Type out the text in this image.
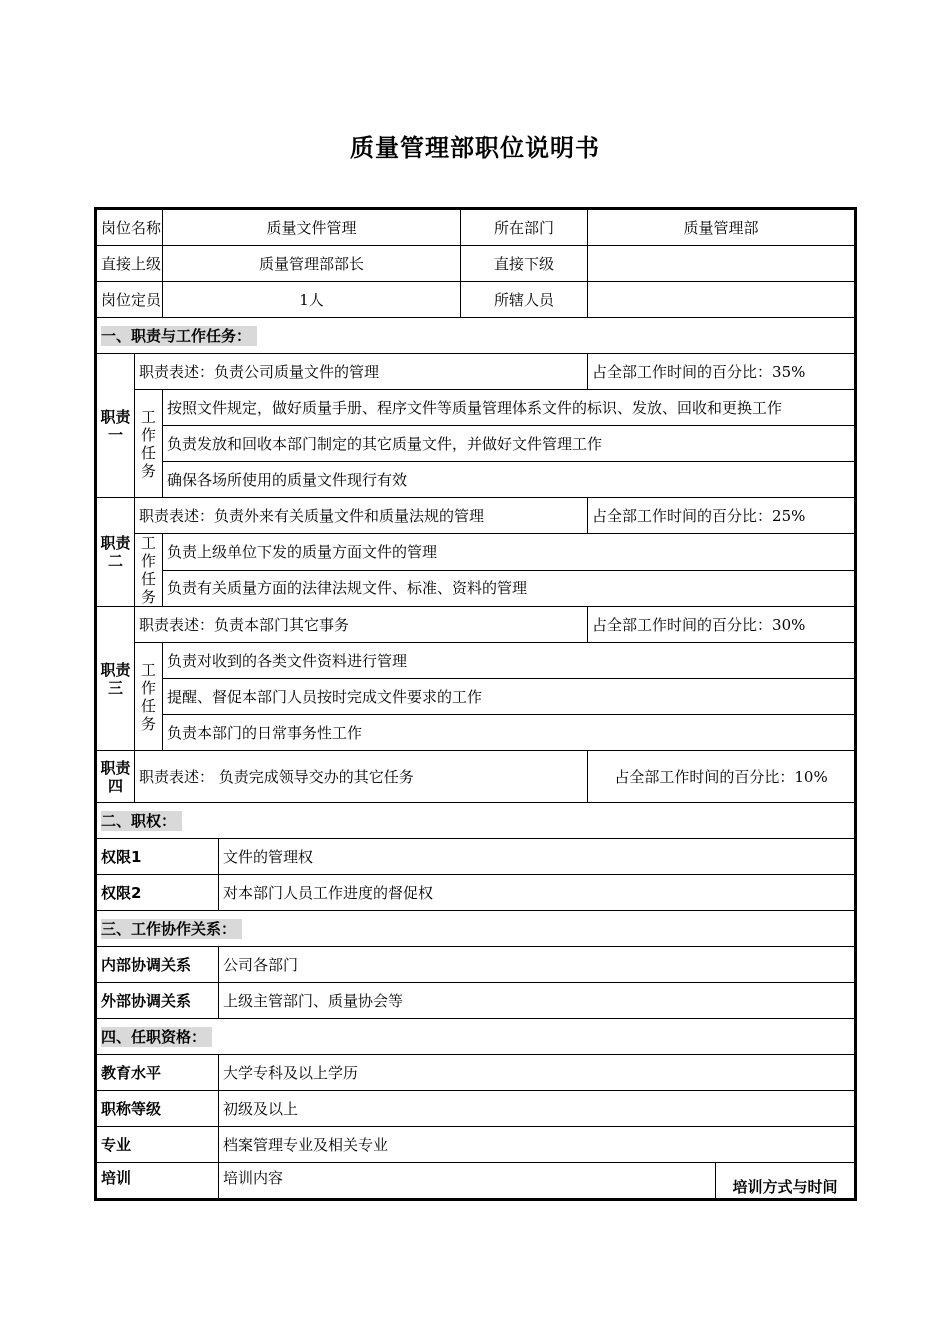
质量管理部职位说明书
岗位名称		质量文件管理		所在部门	质量管理部	
直接上级		质量管理部部长		直接下级		
岗位定员		1人		所辖人员		
一、职责与工作任务：						
职责一	职责表述：负责公司质量文件的管理				占全部工作时间的百分比：35%	
	工作任务	按照文件规定，做好质量手册、程序文件等质量管理体系文件的标识、发放、回收和更换工作				
		负责发放和回收本部门制定的其它质量文件，并做好文件管理工作				
		确保各场所使用的质量文件现行有效				
职责二	职责表述：负责外来有关质量文件和质量法规的管理				占全部工作时间的百分比：25%	
	工作任务	负责上级单位下发的质量方面文件的管理				
		负责有关质量方面的法律法规文件、标准、资料的管理				
职责三	职责表述：负责本部门其它事务				占全部工作时间的百分比：30%	
	工作任务	负责对收到的各类文件资料进行管理				
		提醒、督促本部门人员按时完成文件要求的工作				
		负责本部门的日常事务性工作				
职责四	职责表述： 负责完成领导交办的其它任务				占全部工作时间的百分比：10%	
二、职权：						
权限1			文件的管理权			
权限2			对本部门人员工作进度的督促权			
三、工作协作关系：						
内部协调关系			公司各部门			
外部协调关系			上级主管部门、质量协会等			
四、任职资格：						
教育水平			大学专科及以上学历			
职称等级			初级及以上			
专业			档案管理专业及相关专业			
培训			培训内容			培训方式与时间
